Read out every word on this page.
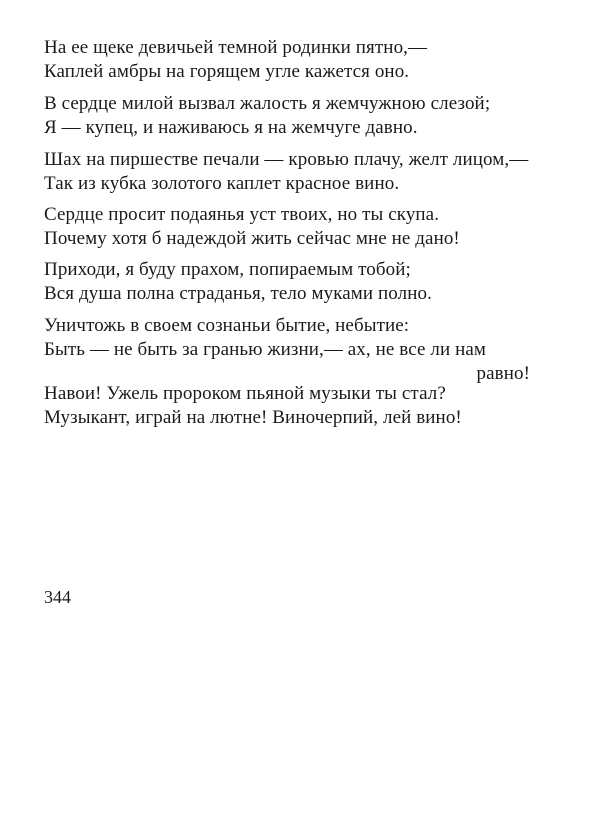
На ее щеке девичьей темной родинки пятно,—
Каплей амбры на горящем угле кажется оно.
В сердце милой вызвал жалость я жемчужною слезой;
Я — купец, и наживаюсь я на жемчуге давно.
Шах на пиршестве печали — кровью плачу, желт лицом,—
Так из кубка золотого каплет красное вино.
Сердце просит подаянья уст твоих, но ты скупа.
Почему хотя б надеждой жить сейчас мне не дано!
Приходи, я буду прахом, попираемым тобой;
Вся душа полна страданья, тело муками полно.
Уничтожь в своем сознаньи бытие, небытие:
Быть — не быть за гранью жизни,— ах, не все ли нам
равно!
Навои! Ужель пророком пьяной музыки ты стал?
Музыкант, играй на лютне! Виночерпий, лей вино!
344
